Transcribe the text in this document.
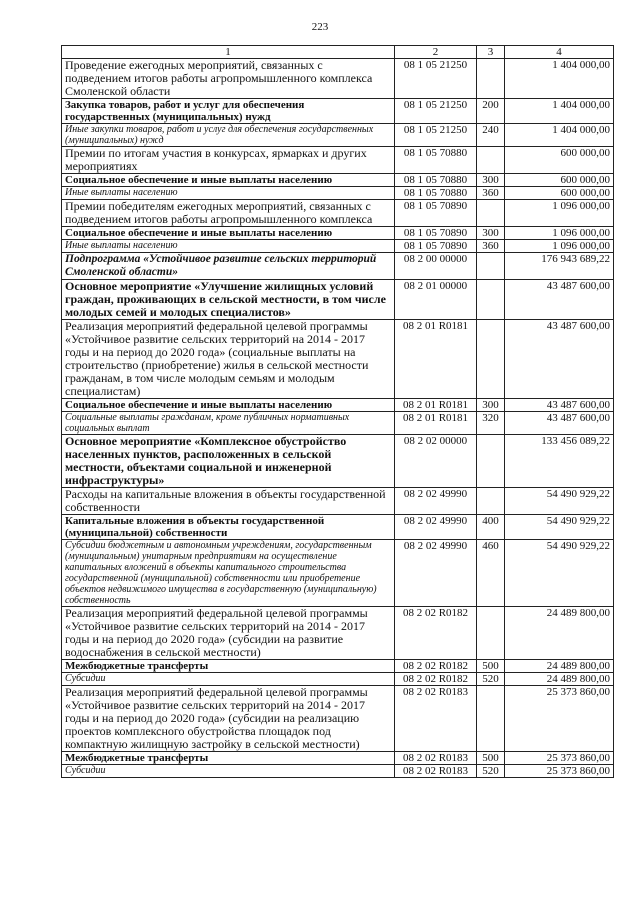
223
1	2	3	4
Проведение ежегодных мероприятий, связанных с подведением итогов работы агропромышленного комплекса Смоленской области	08 1 05 21250		1 404 000,00
Закупка товаров, работ и услуг для обеспечения государственных (муниципальных) нужд	08 1 05 21250	200	1 404 000,00
Иные закупки товаров, работ и услуг для обеспечения государственных (муниципальных) нужд	08 1 05 21250	240	1 404 000,00
Премии по итогам участия в конкурсах, ярмарках и других мероприятиях	08 1 05 70880		600 000,00
Социальное обеспечение и иные выплаты населению	08 1 05 70880	300	600 000,00
Иные выплаты населению	08 1 05 70880	360	600 000,00
Премии победителям ежегодных мероприятий, связанных с подведением итогов работы агропромышленного комплекса	08 1 05 70890		1 096 000,00
Социальное обеспечение и иные выплаты населению	08 1 05 70890	300	1 096 000,00
Иные выплаты населению	08 1 05 70890	360	1 096 000,00
Подпрограмма «Устойчивое развитие сельских территорий Смоленской области»	08 2 00 00000		176 943 689,22
Основное мероприятие «Улучшение жилищных условий граждан, проживающих в сельской местности, в том числе молодых семей и молодых специалистов»	08 2 01 00000		43 487 600,00
Реализация мероприятий федеральной целевой программы «Устойчивое развитие сельских территорий на 2014 - 2017 годы и на период до 2020 года» (социальные выплаты на строительство (приобретение) жилья в сельской местности гражданам, в том числе молодым семьям и молодым специалистам)	08 2 01 R0181		43 487 600,00
Социальное обеспечение и иные выплаты населению	08 2 01 R0181	300	43 487 600,00
Социальные выплаты гражданам, кроме публичных нормативных социальных выплат	08 2 01 R0181	320	43 487 600,00
Основное мероприятие «Комплексное обустройство населенных пунктов, расположенных в сельской местности, объектами социальной и инженерной инфраструктуры»	08 2 02 00000		133 456 089,22
Расходы на капитальные вложения в объекты государственной собственности	08 2 02 49990		54 490 929,22
Капитальные вложения в объекты государственной (муниципальной) собственности	08 2 02 49990	400	54 490 929,22
Субсидии бюджетным и автономным учреждениям, государственным (муниципальным) унитарным предприятиям на осуществление капитальных вложений в объекты капитального строительства государственной (муниципальной) собственности или приобретение объектов недвижимого имущества в государственную (муниципальную) собственность	08 2 02 49990	460	54 490 929,22
Реализация мероприятий федеральной целевой программы «Устойчивое развитие сельских территорий на 2014 - 2017 годы и на период до 2020 года» (субсидии на развитие водоснабжения в сельской местности)	08 2 02 R0182		24 489 800,00
Межбюджетные трансферты	08 2 02 R0182	500	24 489 800,00
Субсидии	08 2 02 R0182	520	24 489 800,00
Реализация мероприятий федеральной целевой программы «Устойчивое развитие сельских территорий на 2014 - 2017 годы и на период до 2020 года» (субсидии на реализацию проектов комплексного обустройства площадок под компактную жилищную застройку в сельской местности)	08 2 02 R0183		25 373 860,00
Межбюджетные трансферты	08 2 02 R0183	500	25 373 860,00
Субсидии	08 2 02 R0183	520	25 373 860,00
